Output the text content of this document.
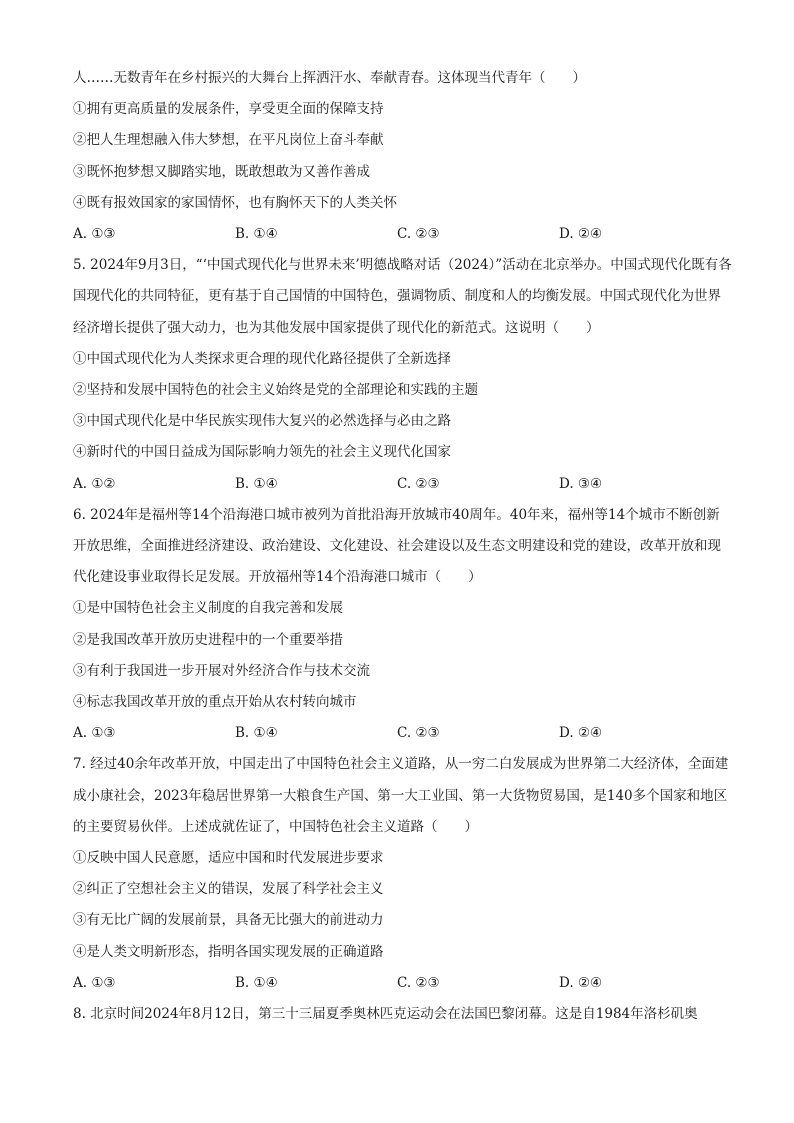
人……无数青年在乡村振兴的大舞台上挥洒汗水、奉献青春。这体现当代青年（　　）
①拥有更高质量的发展条件，享受更全面的保障支持
②把人生理想融入伟大梦想，在平凡岗位上奋斗奉献
③既怀抱梦想又脚踏实地，既敢想敢为又善作善成
④既有报效国家的家国情怀，也有胸怀天下的人类关怀
A. ①③	B. ①④	C. ②③	D. ②④
5. 2024年9月3日，“‘中国式现代化与世界未来’明德战略对话（2024）”活动在北京举办。中国式现代化既有各国现代化的共同特征，更有基于自己国情的中国特色，强调物质、制度和人的均衡发展。中国式现代化为世界经济增长提供了强大动力，也为其他发展中国家提供了现代化的新范式。这说明（　　）
①中国式现代化为人类探求更合理的现代化路径提供了全新选择
②坚持和发展中国特色的社会主义始终是党的全部理论和实践的主题
③中国式现代化是中华民族实现伟大复兴的必然选择与必由之路
④新时代的中国日益成为国际影响力领先的社会主义现代化国家
A. ①②	B. ①④	C. ②③	D. ③④
6. 2024年是福州等14个沿海港口城市被列为首批沿海开放城市40周年。40年来，福州等14个城市不断创新开放思维，全面推进经济建设、政治建设、文化建设、社会建设以及生态文明建设和党的建设，改革开放和现代化建设事业取得长足发展。开放福州等14个沿海港口城市（　　）
①是中国特色社会主义制度的自我完善和发展
②是我国改革开放历史进程中的一个重要举措
③有利于我国进一步开展对外经济合作与技术交流
④标志我国改革开放的重点开始从农村转向城市
A. ①③	B. ①④	C. ②③	D. ②④
7. 经过40余年改革开放，中国走出了中国特色社会主义道路，从一穷二白发展成为世界第二大经济体，全面建成小康社会，2023年稳居世界第一大粮食生产国、第一大工业国、第一大货物贸易国，是140多个国家和地区的主要贸易伙伴。上述成就佐证了，中国特色社会主义道路（　　）
①反映中国人民意愿，适应中国和时代发展进步要求
②纠正了空想社会主义的错误，发展了科学社会主义
③有无比广阔的发展前景，具备无比强大的前进动力
④是人类文明新形态，指明各国实现发展的正确道路
A. ①③	B. ①④	C. ②③	D. ②④
8. 北京时间2024年8月12日，第三十三届夏季奥林匹克运动会在法国巴黎闭幕。这是自1984年洛杉矶奥
